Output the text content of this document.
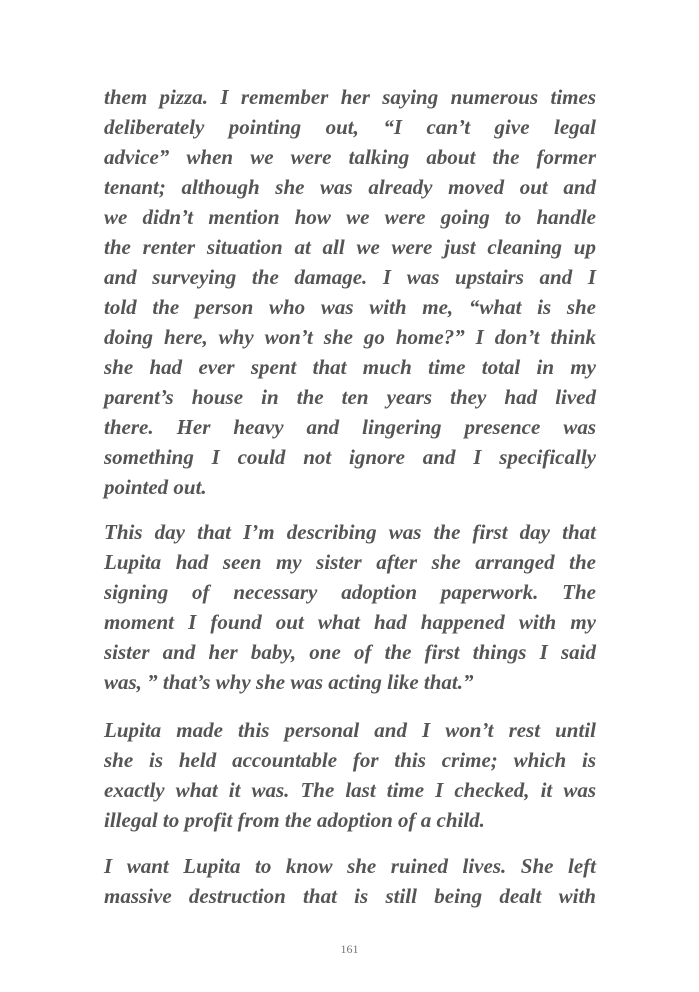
them pizza. I remember her saying numerous times
deliberately pointing out, “I can’t give legal
advice” when we were talking about the former
tenant; although she was already moved out and
we didn’t mention how we were going to handle
the renter situation at all we were just cleaning up
and surveying the damage. I was upstairs and I
told the person who was with me, “what is she
doing here, why won’t she go home?” I don’t think
she had ever spent that much time total in my
parent’s house in the ten years they had lived
there. Her heavy and lingering presence was
something I could not ignore and I specifically
pointed out.
This day that I’m describing was the first day that
Lupita had seen my sister after she arranged the
signing of necessary adoption paperwork. The
moment I found out what had happened with my
sister and her baby, one of the first things I said
was, ” that’s why she was acting like that.”
Lupita made this personal and I won’t rest until
she is held accountable for this crime; which is
exactly what it was. The last time I checked, it was
illegal to profit from the adoption of a child.
I want Lupita to know she ruined lives. She left
massive destruction that is still being dealt with
161
